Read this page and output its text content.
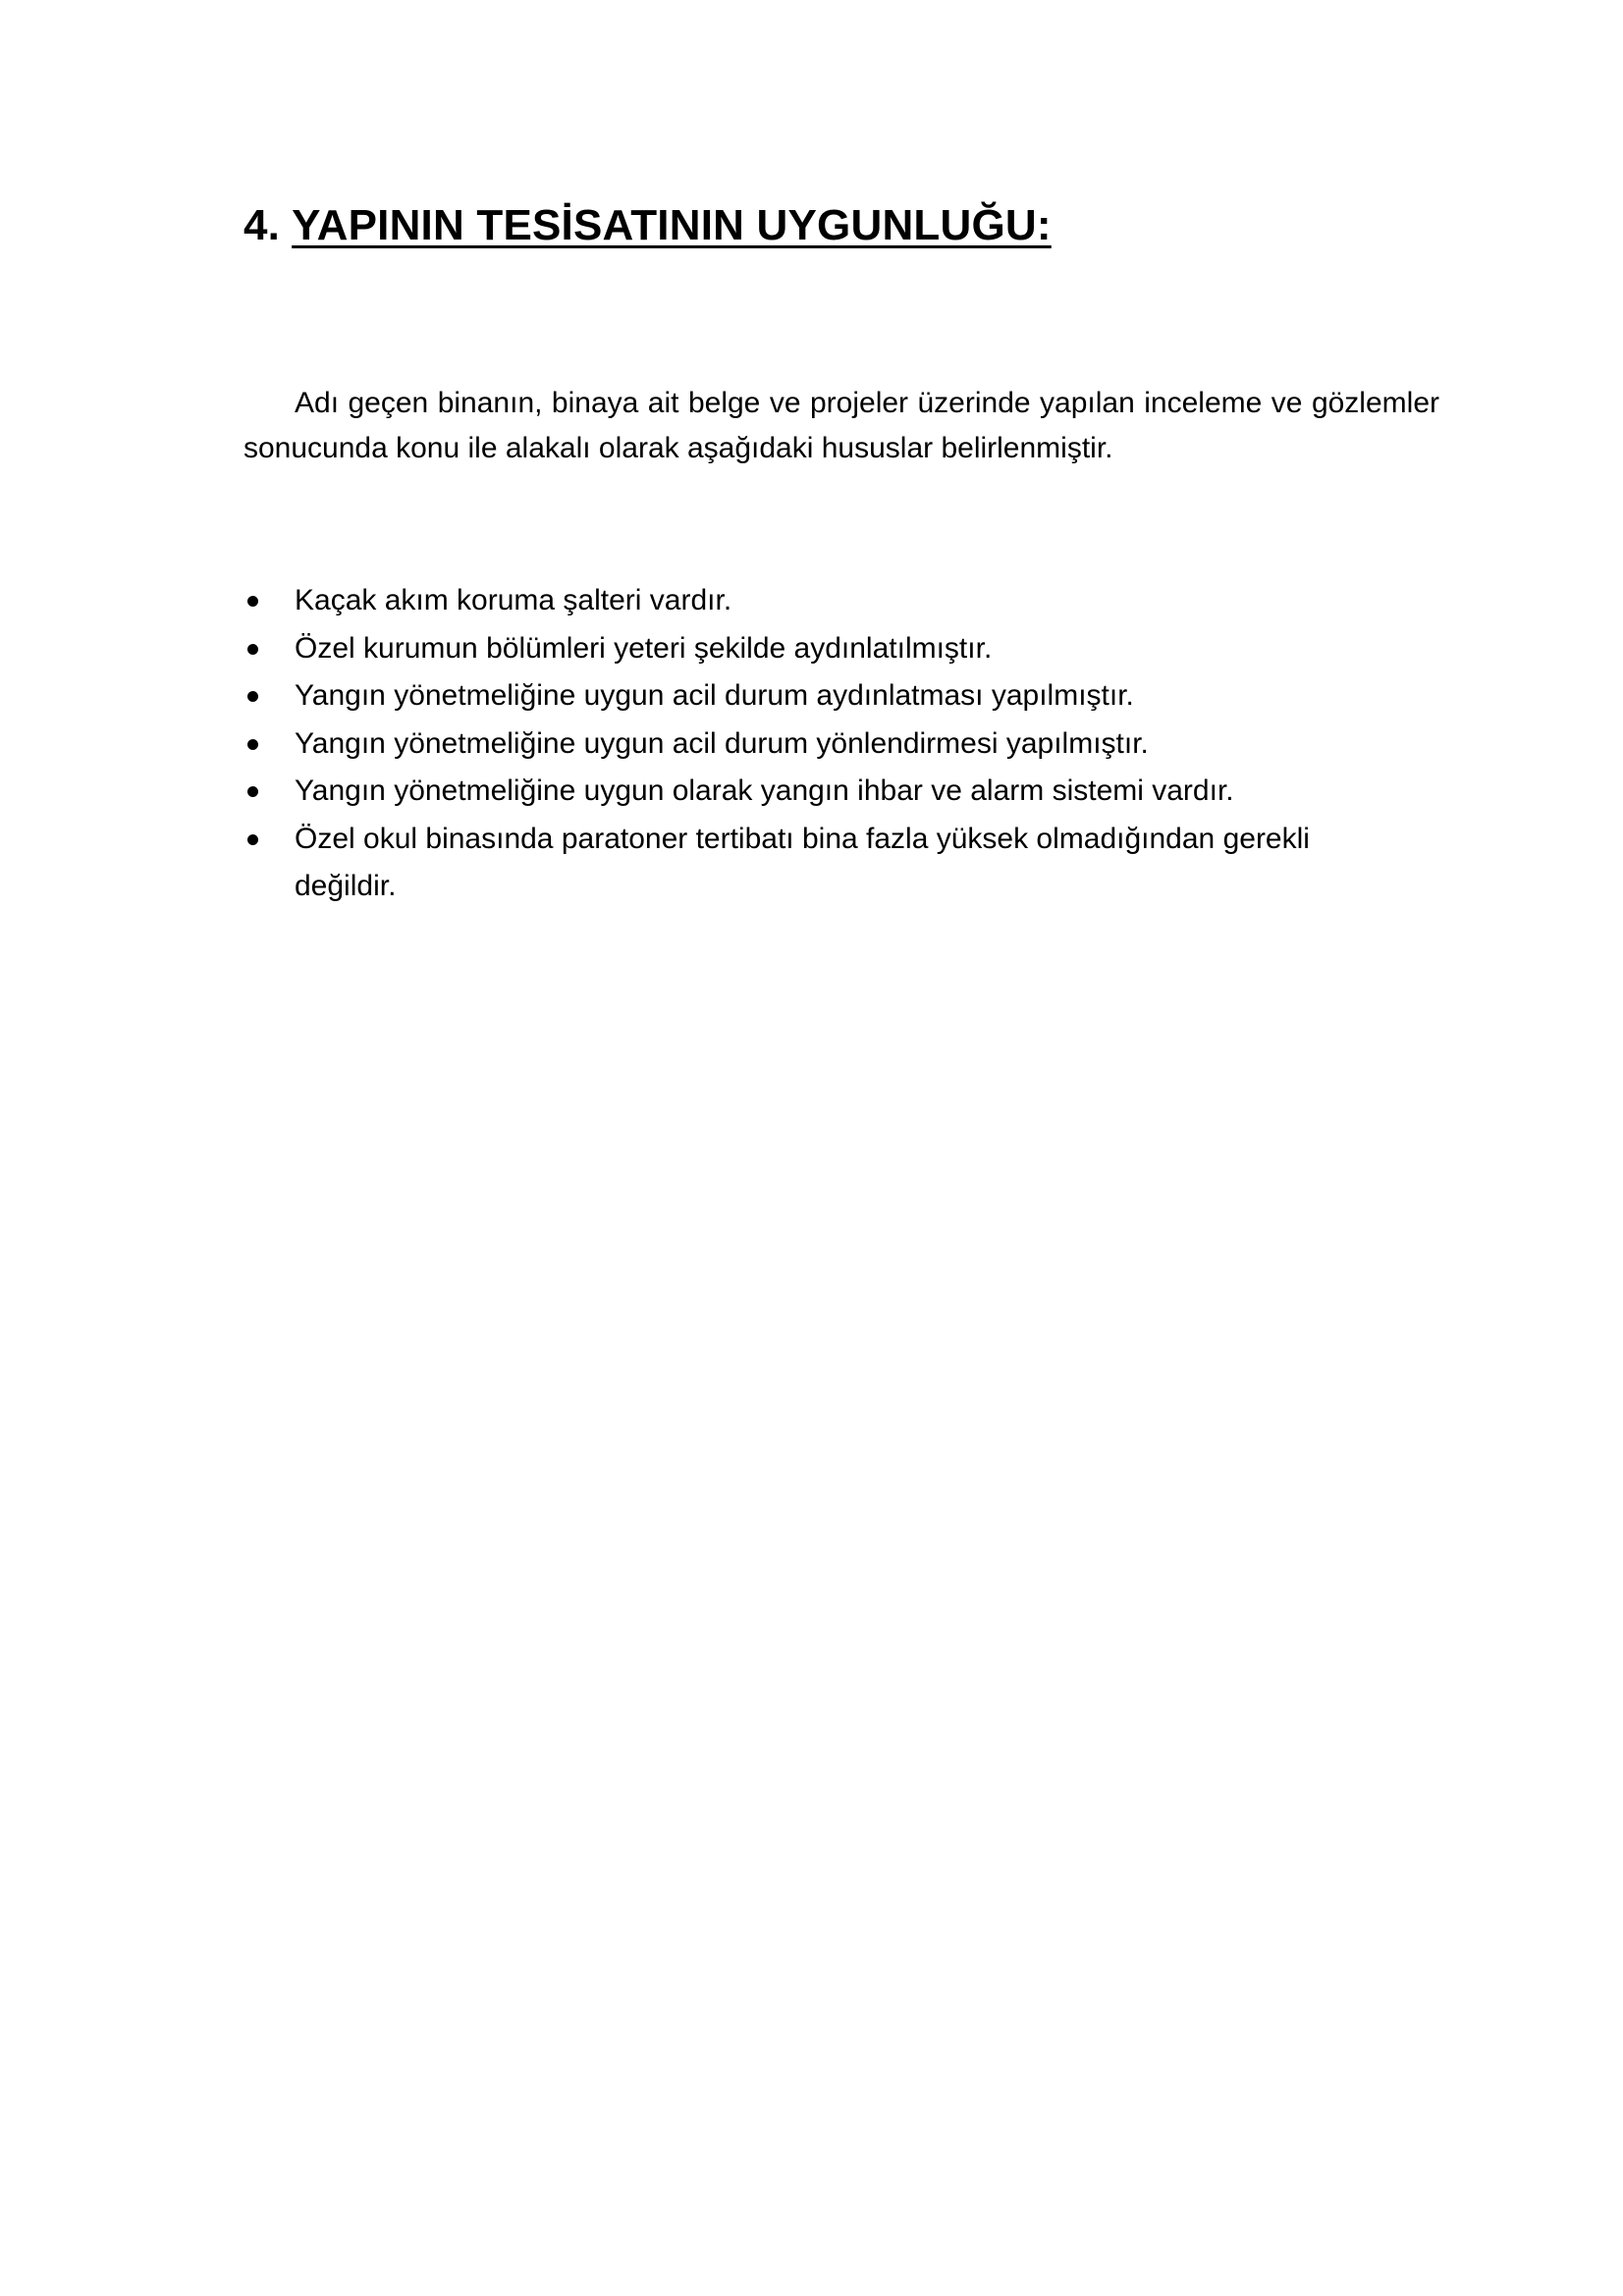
4. YAPININ TESİSATININ UYGUNLUĞU:

Adı geçen binanın, binaya ait belge ve projeler üzerinde yapılan inceleme ve gözlemler sonucunda konu ile alakalı olarak aşağıdaki hususlar belirlenmiştir.

Kaçak akım koruma şalteri vardır.
Özel kurumun bölümleri yeteri şekilde aydınlatılmıştır.
Yangın yönetmeliğine uygun acil durum aydınlatması yapılmıştır.
Yangın yönetmeliğine uygun acil durum yönlendirmesi yapılmıştır.
Yangın yönetmeliğine uygun olarak yangın ihbar ve alarm sistemi vardır.
Özel okul binasında paratoner tertibatı bina fazla yüksek olmadığından gerekli değildir.
